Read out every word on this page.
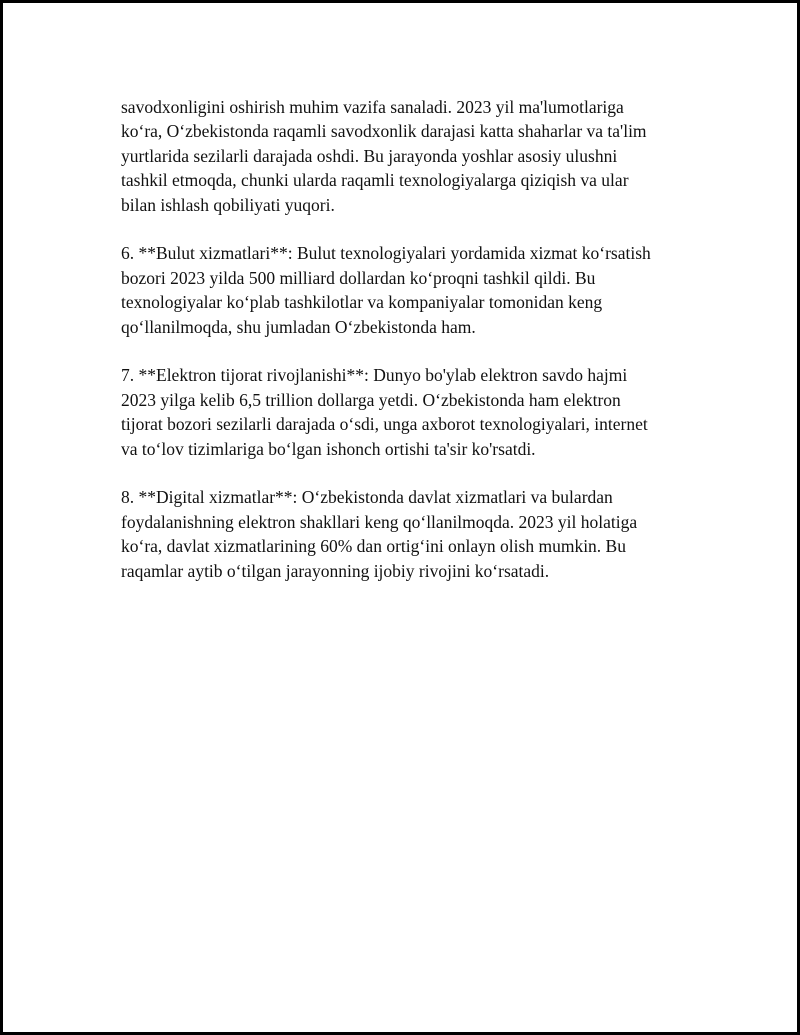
savodxonligini oshirish muhim vazifa sanaladi. 2023 yil ma'lumotlariga
ko‘ra, O‘zbekistonda raqamli savodxonlik darajasi katta shaharlar va ta'lim
yurtlarida sezilarli darajada oshdi. Bu jarayonda yoshlar asosiy ulushni
tashkil etmoqda, chunki ularda raqamli texnologiyalarga qiziqish va ular
bilan ishlash qobiliyati yuqori.

6. **Bulut xizmatlari**: Bulut texnologiyalari yordamida xizmat ko‘rsatish
bozori 2023 yilda 500 milliard dollardan ko‘proqni tashkil qildi. Bu
texnologiyalar ko‘plab tashkilotlar va kompaniyalar tomonidan keng
qo‘llanilmoqda, shu jumladan O‘zbekistonda ham.

7. **Elektron tijorat rivojlanishi**: Dunyo bo'ylab elektron savdo hajmi
2023 yilga kelib 6,5 trillion dollarga yetdi. O‘zbekistonda ham elektron
tijorat bozori sezilarli darajada o‘sdi, unga axborot texnologiyalari, internet
va to‘lov tizimlariga bo‘lgan ishonch ortishi ta'sir ko'rsatdi.

8. **Digital xizmatlar**: O‘zbekistonda davlat xizmatlari va bulardan
foydalanishning elektron shakllari keng qo‘llanilmoqda. 2023 yil holatiga
ko‘ra, davlat xizmatlarining 60% dan ortig‘ini onlayn olish mumkin. Bu
raqamlar aytib o‘tilgan jarayonning ijobiy rivojini ko‘rsatadi.
